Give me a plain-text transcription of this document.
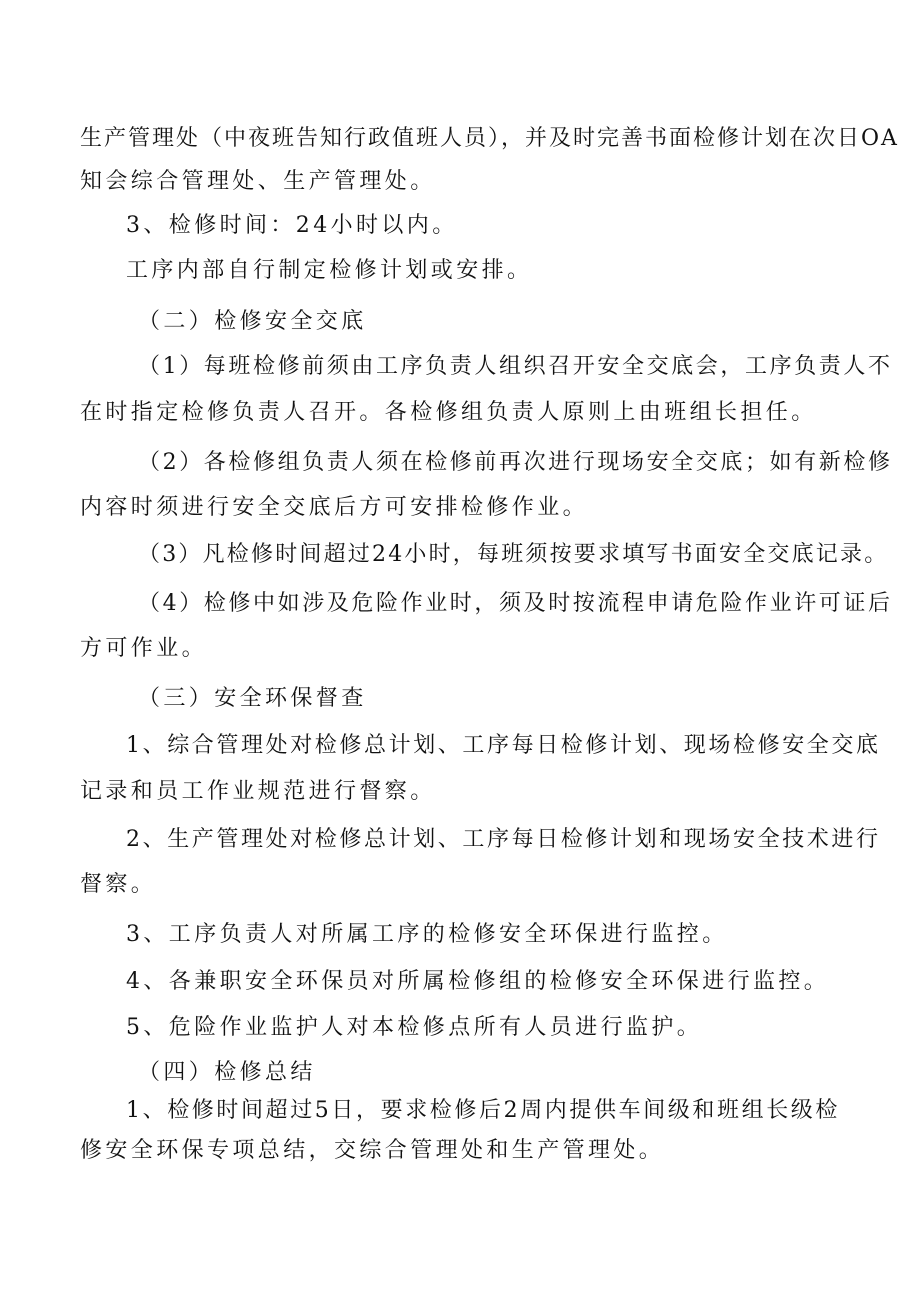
生产管理处（中夜班告知行政值班人员），并及时完善书面检修计划在次日OA
知会综合管理处、生产管理处。
3、检修时间：24小时以内。
工序内部自行制定检修计划或安排。
（二）检修安全交底
（1）每班检修前须由工序负责人组织召开安全交底会，工序负责人不
在时指定检修负责人召开。各检修组负责人原则上由班组长担任。
（2）各检修组负责人须在检修前再次进行现场安全交底；如有新检修
内容时须进行安全交底后方可安排检修作业。
（3）凡检修时间超过24小时，每班须按要求填写书面安全交底记录。
（4）检修中如涉及危险作业时，须及时按流程申请危险作业许可证后
方可作业。
（三）安全环保督查
1、综合管理处对检修总计划、工序每日检修计划、现场检修安全交底
记录和员工作业规范进行督察。
2、生产管理处对检修总计划、工序每日检修计划和现场安全技术进行
督察。
3、工序负责人对所属工序的检修安全环保进行监控。
4、各兼职安全环保员对所属检修组的检修安全环保进行监控。
5、危险作业监护人对本检修点所有人员进行监护。
（四）检修总结
1、检修时间超过5日，要求检修后2周内提供车间级和班组长级检
修安全环保专项总结，交综合管理处和生产管理处。
